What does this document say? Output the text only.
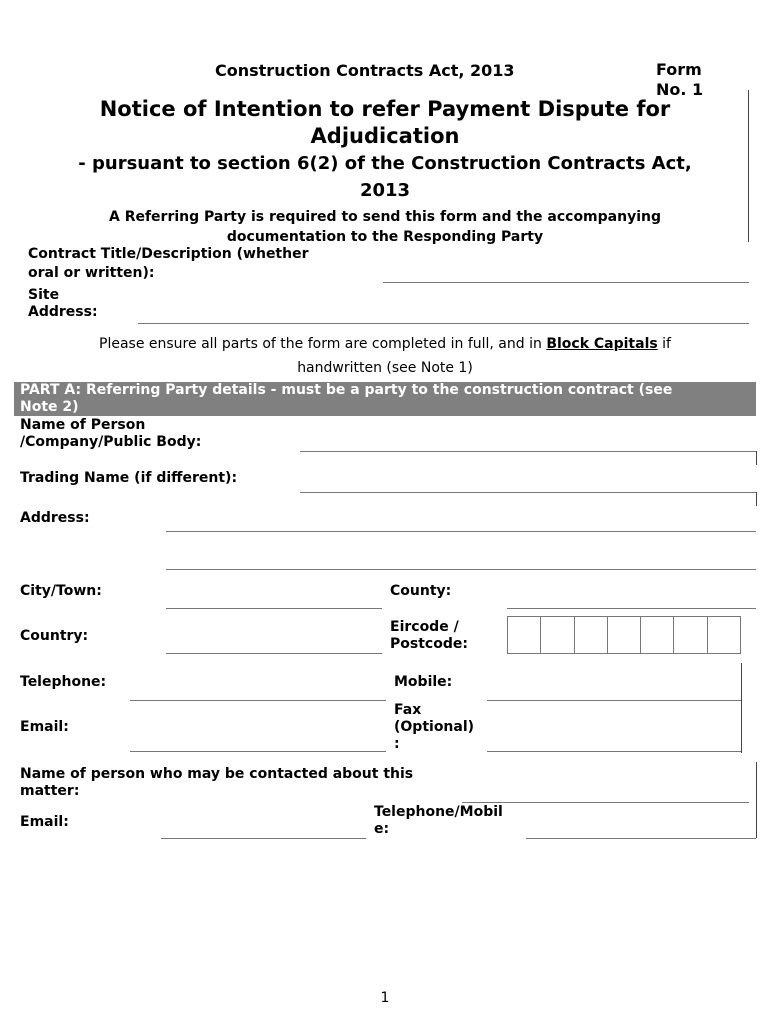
Construction Contracts Act, 2013	Form
No. 1
Notice of Intention to refer Payment Dispute for
Adjudication
- pursuant to section 6(2) of the Construction Contracts Act,
2013
A Referring Party is required to send this form and the accompanying
documentation to the Responding Party
Contract Title/Description (whether
oral or written):
Site
Address:
Please ensure all parts of the form are completed in full, and in Block Capitals if
handwritten (see Note 1)
PART A: Referring Party details - must be a party to the construction contract (see
Note 2)
Name of Person
/Company/Public Body:
Trading Name (if different):
Address:
City/Town:	County:
Country:
Eircode /
Postcode:
Telephone:	Mobile:
Email:
Fax
(Optional)
:
Name of person who may be contacted about this
matter:
Email:
Telephone/Mobil
e:
1
